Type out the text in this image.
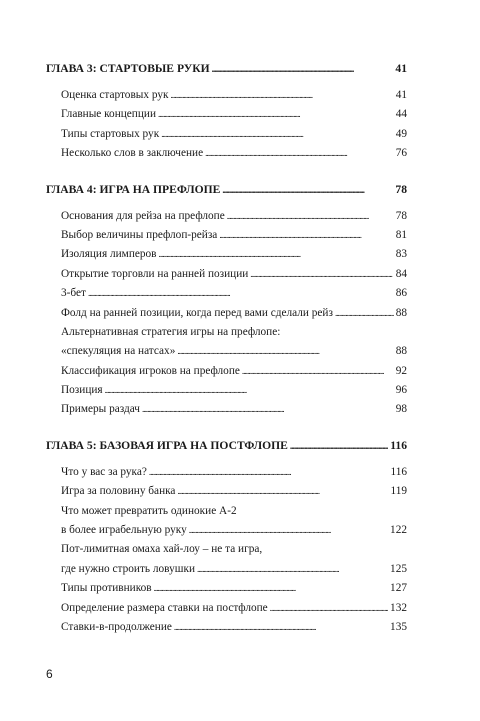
ГЛАВА 3: СТАРТОВЫЕ РУКИ . . .	41
Оценка стартовых рук . . .	41
Главные концепции . . .	44
Типы стартовых рук . . .	49
Несколько слов в заключение . . .	76
ГЛАВА 4: ИГРА НА ПРЕФЛОПЕ . . .	78
Основания для рейза на префлопе . . .	78
Выбор величины префлоп-рейза . . .	81
Изоляция лимперов . . .	83
Открытие торговли на ранней позиции . . .	84
3-бет . . .	86
Фолд на ранней позиции, когда перед вами сделали рейз . . .	88
Альтернативная стратегия игры на префлопе:
«спекуляция на натсах» . . .	88
Классификация игроков на префлопе . . .	92
Позиция . . .	96
Примеры раздач . . .	98
ГЛАВА 5: БАЗОВАЯ ИГРА НА ПОСТФЛОПЕ . . .	116
Что у вас за рука? . . .	116
Игра за половину банка . . .	119
Что может превратить одинокие А-2
в более играбельную руку . . .	122
Пот-лимитная омаха хай-лоу – не та игра,
где нужно строить ловушки . . .	125
Типы противников . . .	127
Определение размера ставки на постфлопе . . .	132
Ставки-в-продолжение . . .	135
6
